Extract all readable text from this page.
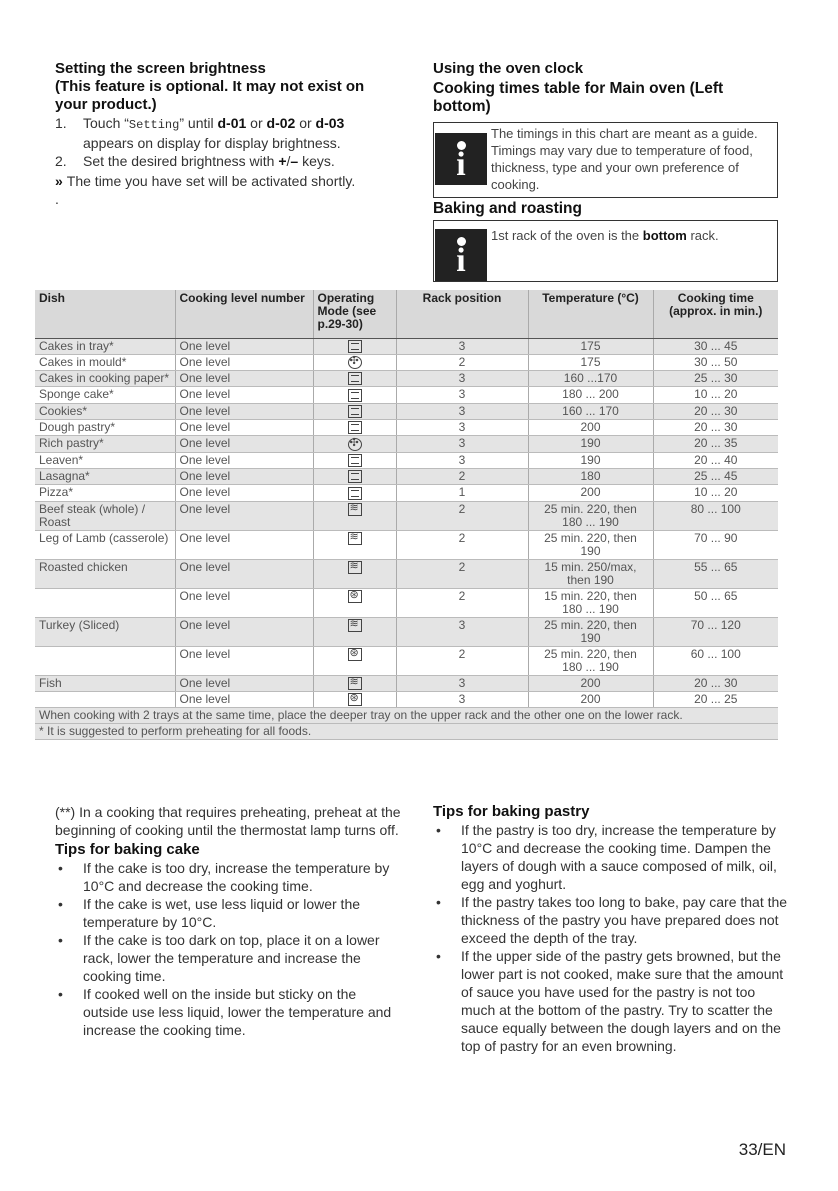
Setting the screen brightness
(This feature is optional. It may not exist on your product.)
1. Touch “Setting” until d-01 or d-02 or d-03 appears on display for display brightness.
2. Set the desired brightness with +/– keys.
» The time you have set will be activated shortly.
.
Using the oven clock
Cooking times table for Main oven (Left bottom)
i
The timings in this chart are meant as a guide. Timings may vary due to temperature of food, thickness, type and your own preference of cooking.
Baking and roasting
i
1st rack of the oven is the bottom rack.
Dish	Cooking level number	Operating Mode (see p.29-30)	Rack position	Temperature (°C)	Cooking time (approx. in min.)
Cakes in tray*	One level		3	175	30 ... 45
Cakes in mould*	One level	✣	2	175	30 ... 50
Cakes in cooking paper*	One level		3	160 ...170	25 ... 30
Sponge cake*	One level		3	180 ... 200	10 ... 20
Cookies*	One level		3	160 ... 170	20 ... 30
Dough pastry*	One level		3	200	20 ... 30
Rich pastry*	One level	✣	3	190	20 ... 35
Leaven*	One level		3	190	20 ... 40
Lasagna*	One level		2	180	25 ... 45
Pizza*	One level		1	200	10 ... 20
Beef steak (whole) / Roast	One level	≋	2	25 min. 220, then 180 ... 190	80 ... 100
Leg of Lamb (casserole)	One level	≋	2	25 min. 220, then 190	70 ... 90
Roasted chicken	One level	≋	2	15 min. 250/max, then 190	55 ... 65
	One level	⊛	2	15 min. 220, then 180 ... 190	50 ... 65
Turkey (Sliced)	One level	≋	3	25 min. 220, then 190	70 ... 120
	One level	⊛	2	25 min. 220, then 180 ... 190	60 ... 100
Fish	One level	≋	3	200	20 ... 30
	One level	⊛	3	200	20 ... 25
When cooking with 2 trays at the same time, place the deeper tray on the upper rack and the other one on the lower rack.					
* It is suggested to perform preheating for all foods.					
(**) In a cooking that requires preheating, preheat at the beginning of cooking until the thermostat lamp turns off.
Tips for baking cake
• If the cake is too dry, increase the temperature by 10°C and decrease the cooking time.
• If the cake is wet, use less liquid or lower the temperature by 10°C.
• If the cake is too dark on top, place it on a lower rack, lower the temperature and increase the cooking time.
• If cooked well on the inside but sticky on the outside use less liquid, lower the temperature and increase the cooking time.
Tips for baking pastry
• If the pastry is too dry, increase the temperature by 10°C and decrease the cooking time. Dampen the layers of dough with a sauce composed of milk, oil, egg and yoghurt.
• If the pastry takes too long to bake, pay care that the thickness of the pastry you have prepared does not exceed the depth of the tray.
• If the upper side of the pastry gets browned, but the lower part is not cooked, make sure that the amount of sauce you have used for the pastry is not too much at the bottom of the pastry. Try to scatter the sauce equally between the dough layers and on the top of pastry for an even browning.
33/EN
